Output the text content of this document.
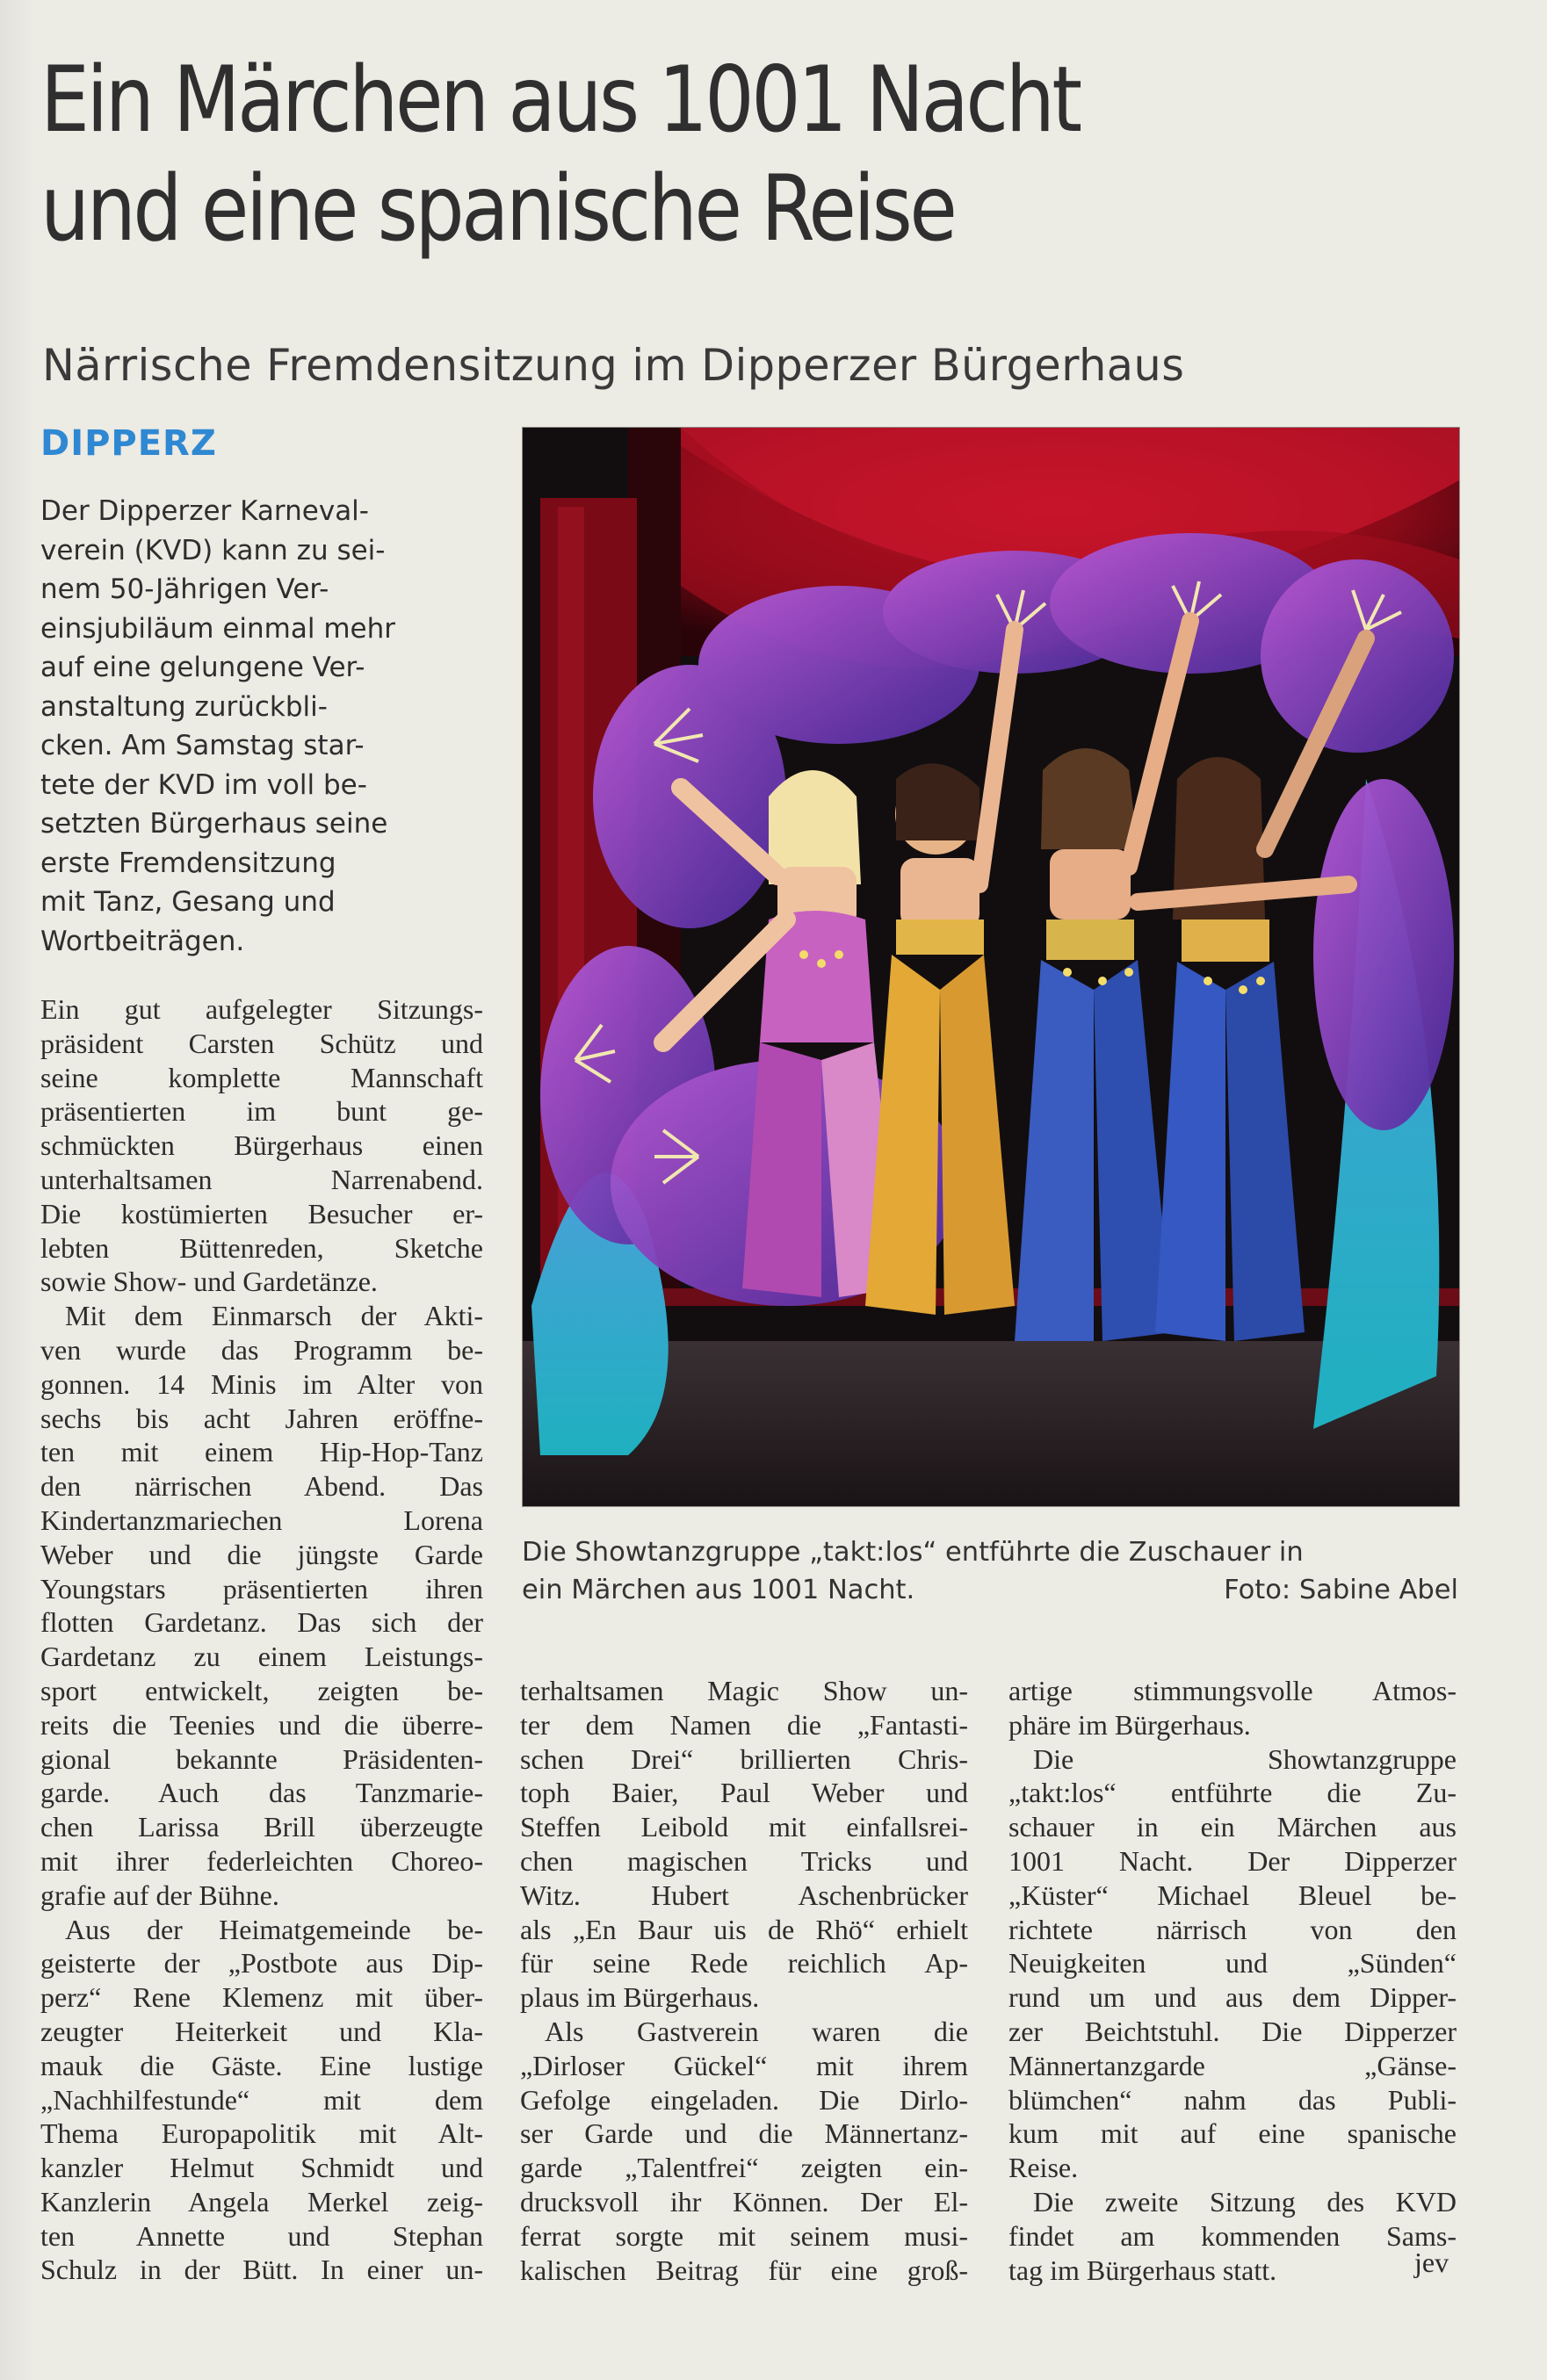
Ein Märchen aus 1001 Nacht
und eine spanische Reise
Närrische Fremdensitzung im Dipperzer Bürgerhaus
DIPPERZ
Der Dipperzer Karneval-
verein (KVD) kann zu sei-
nem 50-Jährigen Ver-
einsjubiläum einmal mehr
auf eine gelungene Ver-
anstaltung zurückbli-
cken. Am Samstag star-
tete der KVD im voll be-
setzten Bürgerhaus seine
erste Fremdensitzung
mit Tanz, Gesang und
Wortbeiträgen.
Ein gut aufgelegter Sitzungs-
präsident Carsten Schütz und
seine komplette Mannschaft
präsentierten im bunt ge-
schmückten Bürgerhaus einen
unterhaltsamen Narrenabend.
Die kostümierten Besucher er-
lebten Büttenreden, Sketche
sowie Show- und Gardetänze.
Mit dem Einmarsch der Akti-
ven wurde das Programm be-
gonnen. 14 Minis im Alter von
sechs bis acht Jahren eröffne-
ten mit einem Hip-Hop-Tanz
den närrischen Abend. Das
Kindertanzmariechen Lorena
Weber und die jüngste Garde
Youngstars präsentierten ihren
flotten Gardetanz. Das sich der
Gardetanz zu einem Leistungs-
sport entwickelt, zeigten be-
reits die Teenies und die überre-
gional bekannte Präsidenten-
garde. Auch das Tanzmarie-
chen Larissa Brill überzeugte
mit ihrer federleichten Choreo-
grafie auf der Bühne.
Aus der Heimatgemeinde be-
geisterte der „Postbote aus Dip-
perz“ Rene Klemenz mit über-
zeugter Heiterkeit und Kla-
mauk die Gäste. Eine lustige
„Nachhilfestunde“ mit dem
Thema Europapolitik mit Alt-
kanzler Helmut Schmidt und
Kanzlerin Angela Merkel zeig-
ten Annette und Stephan
Schulz in der Bütt. In einer un-
terhaltsamen Magic Show un-
ter dem Namen die „Fantasti-
schen Drei“ brillierten Chris-
toph Baier, Paul Weber und
Steffen Leibold mit einfallsrei-
chen magischen Tricks und
Witz. Hubert Aschenbrücker
als „En Baur uis de Rhö“ erhielt
für seine Rede reichlich Ap-
plaus im Bürgerhaus.
Als Gastverein waren die
„Dirloser Gückel“ mit ihrem
Gefolge eingeladen. Die Dirlo-
ser Garde und die Männertanz-
garde „Talentfrei“ zeigten ein-
drucksvoll ihr Können. Der El-
ferrat sorgte mit seinem musi-
kalischen Beitrag für eine groß-
artige stimmungsvolle Atmos-
phäre im Bürgerhaus.
Die Showtanzgruppe
„takt:los“ entführte die Zu-
schauer in ein Märchen aus
1001 Nacht. Der Dipperzer
„Küster“ Michael Bleuel be-
richtete närrisch von den
Neuigkeiten und „Sünden“
rund um und aus dem Dipper-
zer Beichtstuhl. Die Dipperzer
Männertanzgarde „Gänse-
blümchen“ nahm das Publi-
kum mit auf eine spanische
Reise.
Die zweite Sitzung des KVD
findet am kommenden Sams-
tag im Bürgerhaus statt.	jev
Die Showtanzgruppe „takt:los“ entführte die Zuschauer in
ein Märchen aus 1001 Nacht.	Foto: Sabine Abel
